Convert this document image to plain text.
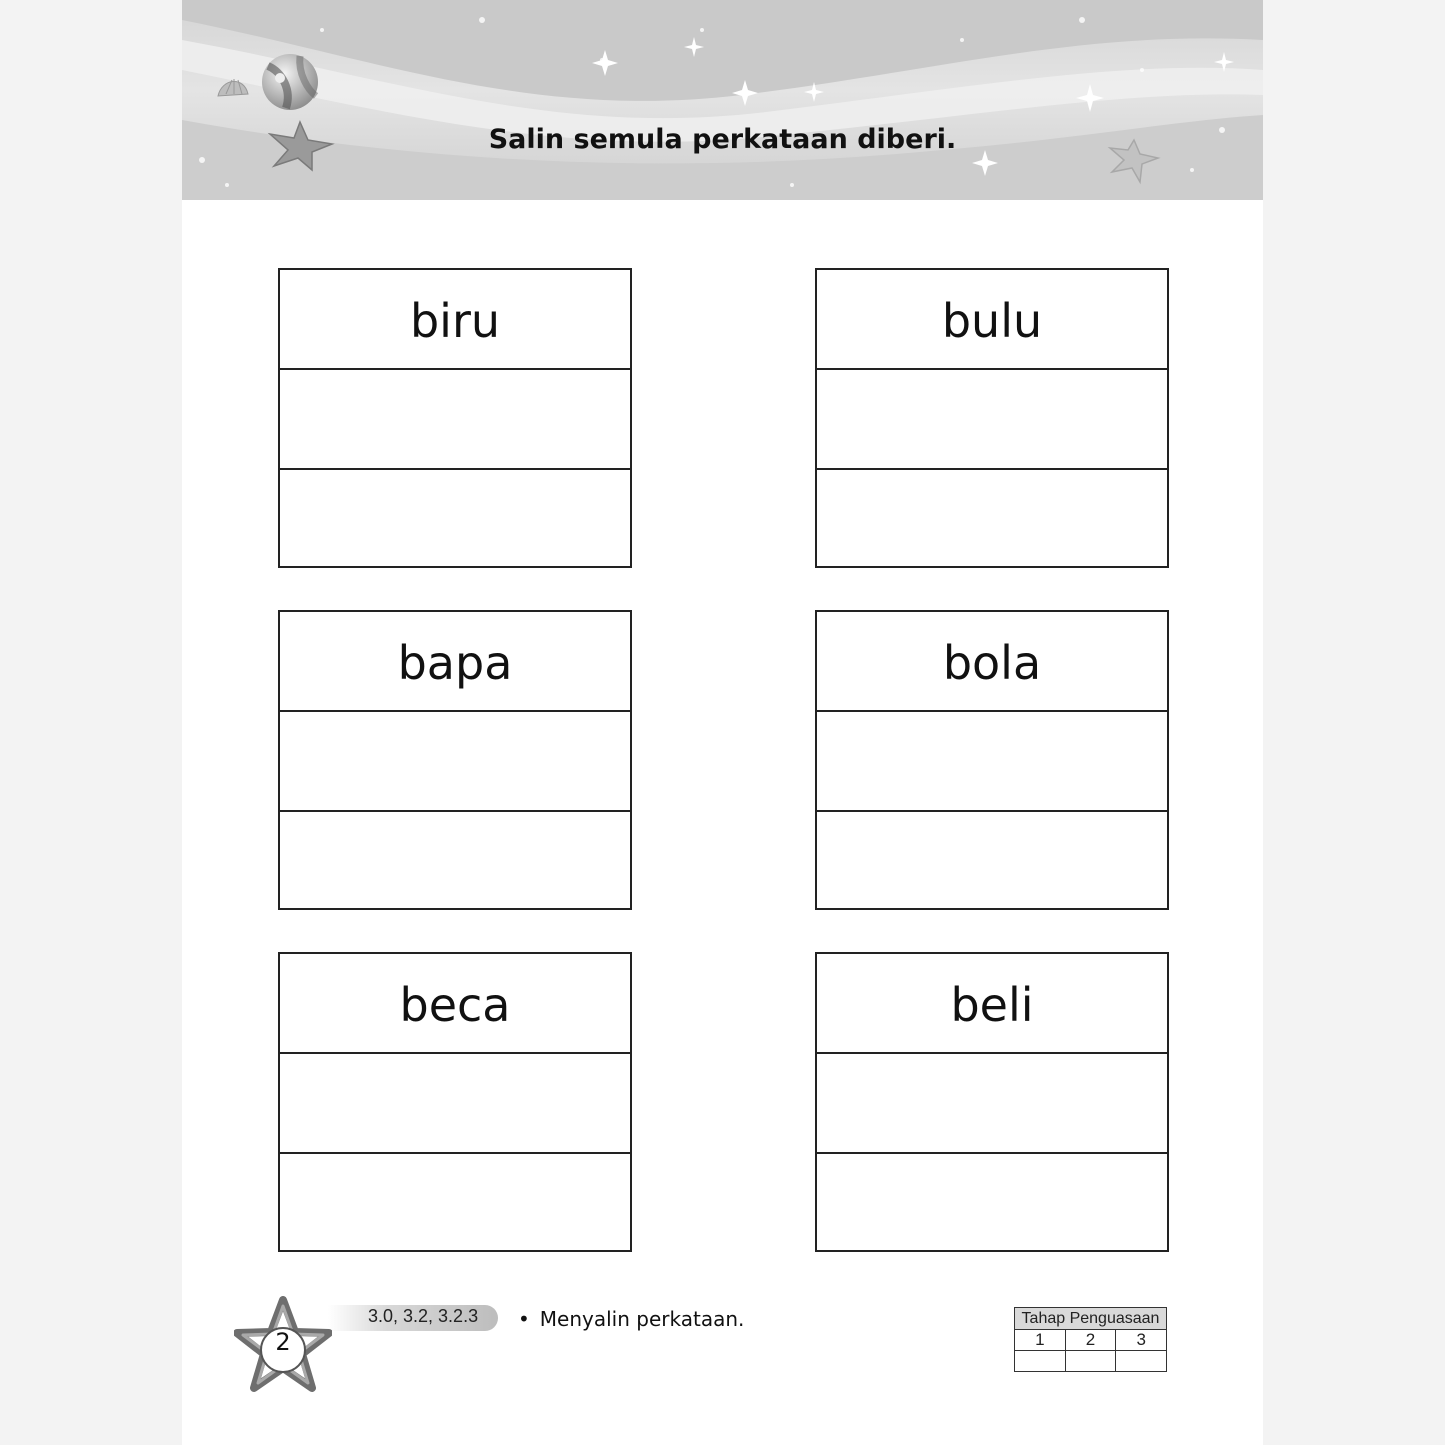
Salin semula perkataan diberi.
biru	bulu
bapa	bola
beca	beli
3.0, 3.2, 3.2.3
2
• Menyalin perkataan.	Tahap Penguasaan
1	2	3
